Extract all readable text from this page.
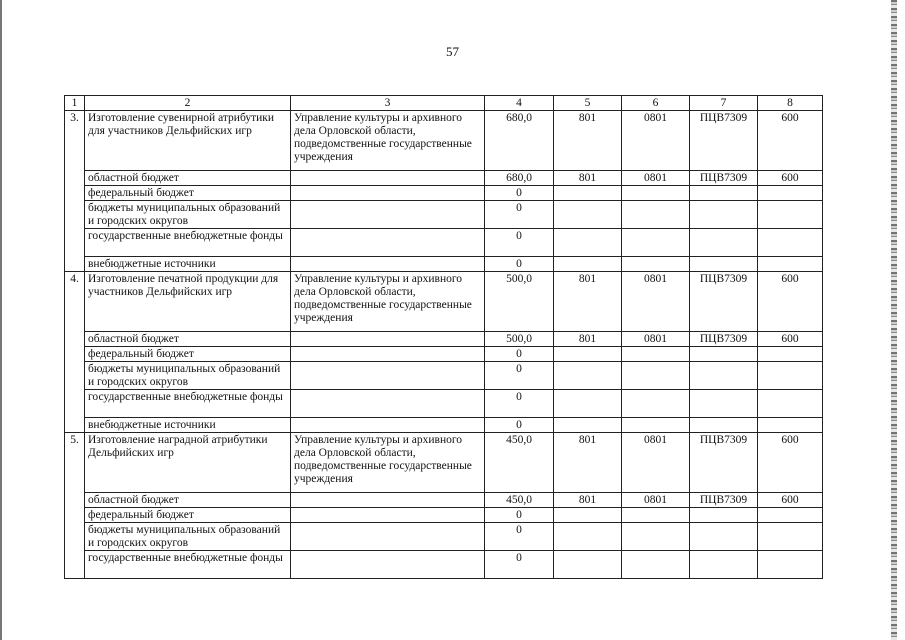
57
1	2	3	4	5	6	7	8
3.	Изготовление сувенирной атрибутики для участников Дельфийских игр	Управление культуры и архивного дела Орловской области, подведомственные государственные учреждения	680,0	801	0801	ПЦВ7309	600
	областной бюджет		680,0	801	0801	ПЦВ7309	600
	федеральный бюджет		0				
	бюджеты муниципальных образований и городских округов		0				
	государственные внебюджетные фонды		0				
	внебюджетные источники		0				
4.	Изготовление печатной продукции для участников Дельфийских игр	Управление культуры и архивного дела Орловской области, подведомственные государственные учреждения	500,0	801	0801	ПЦВ7309	600
	областной бюджет		500,0	801	0801	ПЦВ7309	600
	федеральный бюджет		0				
	бюджеты муниципальных образований и городских округов		0				
	государственные внебюджетные фонды		0				
	внебюджетные источники		0				
5.	Изготовление наградной атрибутики Дельфийских игр	Управление культуры и архивного дела Орловской области, подведомственные государственные учреждения	450,0	801	0801	ПЦВ7309	600
	областной бюджет		450,0	801	0801	ПЦВ7309	600
	федеральный бюджет		0				
	бюджеты муниципальных образований и городских округов		0				
	государственные внебюджетные фонды		0				
